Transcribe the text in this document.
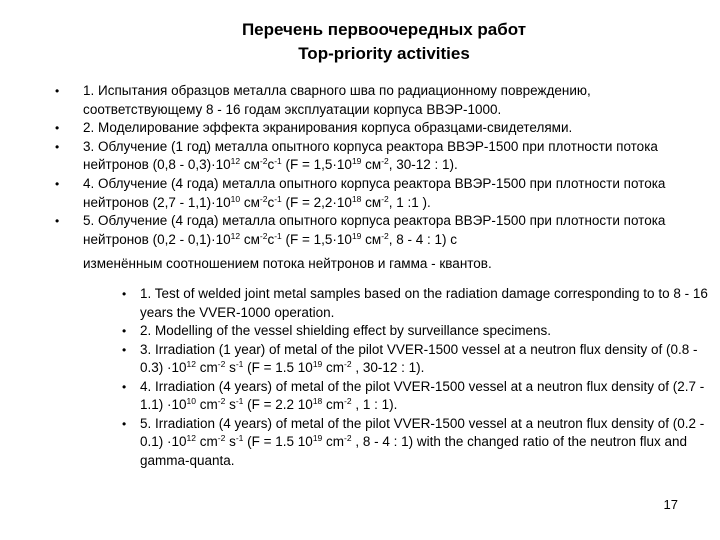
Перечень первоочередных работ
Top-priority activities
• 1. Испытания образцов металла сварного шва по радиационному повреждению, соответствующему 8 - 16 годам эксплуатации корпуса ВВЭР-1000.
• 2. Моделирование эффекта экранирования корпуса образцами-свидетелями.
• 3. Облучение (1 год) металла опытного корпуса реактора ВВЭР-1500 при плотности потока нейтронов $(0,8 - 0,3)\cdot 10^{12}$ $см^{-2}с^{-1}$ ($F = 1,5\cdot 10^{19}$ $см^{-2}$, 30-12 : 1).
• 4. Облучение (4 года) металла опытного корпуса реактора ВВЭР-1500 при плотности потока нейтронов $(2,7 - 1,1)\cdot 10^{10}$ $см^{-2}с^{-1}$ ($F = 2,2\cdot 10^{18}$ $см^{-2}$, 1 :1 ).
• 5. Облучение (4 года) металла опытного корпуса реактора ВВЭР-1500 при плотности потока нейтронов $(0,2 - 0,1)\cdot 10^{12}$ $см^{-2}с^{-1}$ ($F = 1,5\cdot 10^{19}$ $см^{-2}$, 8 - 4 : 1) с
изменённым соотношением потока нейтронов и гамма - квантов.
• 1. Test of welded joint metal samples based on the radiation damage corresponding to to 8 - 16 years the VVER-1000 operation.
• 2. Modelling of the vessel shielding effect by surveillance specimens.
• 3. Irradiation (1 year) of metal of the pilot VVER-1500 vessel at a neutron flux density of $(0.8 - 0.3) \cdot 10^{12}$ $cm^{-2}$ $s^{-1}$ (F = 1.5 $10^{19}$ $cm^{-2}$ , 30-12 : 1).
• 4. Irradiation (4 years) of metal of the pilot VVER-1500 vessel at a neutron flux density of $(2.7 - 1.1) \cdot 10^{10}$ $cm^{-2}$ $s^{-1}$ (F = 2.2 $10^{18}$ $cm^{-2}$ , 1 : 1).
• 5. Irradiation (4 years) of metal of the pilot VVER-1500 vessel at a neutron flux density of $(0.2 - 0.1) \cdot 10^{12}$ $cm^{-2}$ $s^{-1}$ (F = 1.5 $10^{19}$ $cm^{-2}$ , 8 - 4 : 1) with the changed ratio of the neutron flux and gamma-quanta.
17
